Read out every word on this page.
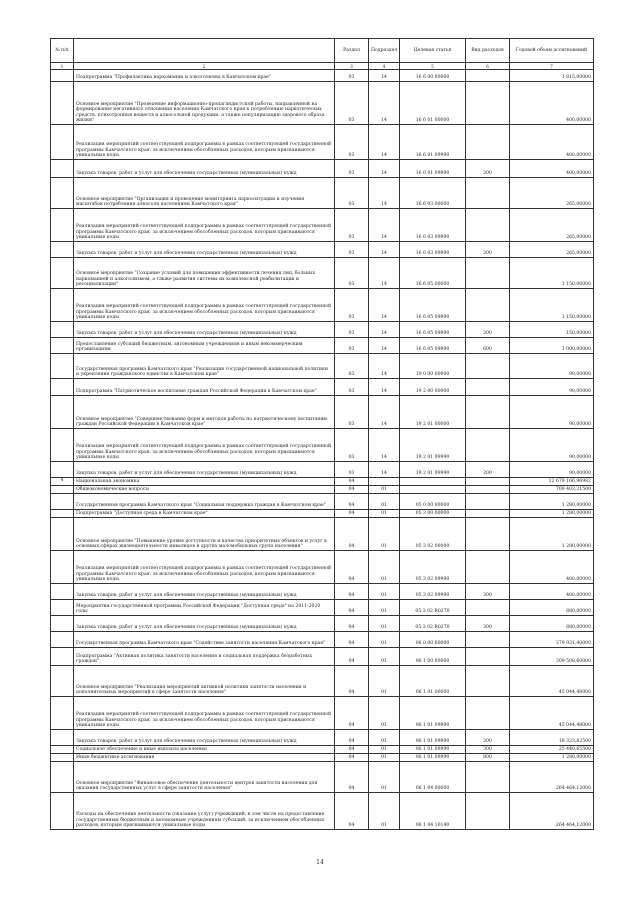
№ п/п		Раздел	Подраздел	Целевая статья	Вид расходов	Годовой объем ассигнований
1	2	3	4	5	6	7
	Подпрограмма "Профилактика наркомании и алкоголизма в Камчатском крае"	03	14	16 6 00 00000		1 815,00000
	Основное мероприятие "Проведение информационно-пропагандистской работы, направленной на формирование негативного отношения населения Камчатского края к потреблению наркотических средств, психотропных веществ и алкогольной продукции, а также популяризацию здорового образа жизни"	03	14	16 6 01 00000		400,00000
	Реализация мероприятий соответствующей подпрограммы в рамках соответствующей государственной программы Камчатского края, за исключением обособленных расходов, которым присваиваются уникальные коды	03	14	16 6 01 09990		400,00000
	Закупка товаров, работ и услуг для обеспечения государственных (муниципальных) нужд	03	14	16 6 01 09990	200	400,00000
	Основное мероприятие "Организация и проведение мониторинга наркоситуации и изучения масштабов потребления алкоголя населением Камчатского края"	03	14	16 6 03 00000		265,00000
	Реализация мероприятий соответствующей подпрограммы в рамках соответствующей государственной программы Камчатского края, за исключением обособленных расходов, которым присваиваются уникальные коды	03	14	16 6 03 09990		265,00000
	Закупка товаров, работ и услуг для обеспечения государственных (муниципальных) нужд	03	14	16 6 03 09990	200	265,00000
	Основное мероприятие "Создание условий для повышения эффективности лечения лиц, больных наркоманией и алкоголизмом, а также развития системы их комплексной реабилитации и ресоциализации"	03	14	16 6 05 00000		1 150,00000
	Реализация мероприятий соответствующей подпрограммы в рамках соответствующей государственной программы Камчатского края, за исключением обособленных расходов, которым присваиваются уникальные коды	03	14	16 6 05 09990		1 150,00000
	Закупка товаров, работ и услуг для обеспечения государственных (муниципальных) нужд	03	14	16 6 05 09990	200	150,00000
	Предоставление субсидий бюджетным, автономным учреждениям и иным некоммерческим организациям	03	14	16 6 05 09990	600	1 000,00000
	Государственная программа Камчатского края "Реализация государственной национальной политики и укрепление гражданского единства в Камчатском крае"	03	14	19 0 00 00000		90,00000
	Подпрограмма "Патриотическое воспитание граждан Российской Федерации в Камчатском крае"	03	14	19 2 00 00000		90,00000
	Основное мероприятие "Совершенствование форм и методов работы по патриотическому воспитанию граждан Российской Федерации в Камчатском крае"	03	14	19 2 01 00000		90,00000
	Реализация мероприятий соответствующей подпрограммы в рамках соответствующей государственной программы Камчатского края, за исключением обособленных расходов, которым присваиваются уникальные коды	03	14	19 2 01 09990		90,00000
	Закупка товаров, работ и услуг для обеспечения государственных (муниципальных) нужд	03	14	19 2 01 09990	200	90,00000
4	Национальная экономика	04				12 679 166,96982
	Общеэкономические вопросы	04	01			709 403,21500
	Государственная программа Камчатского края "Социальная поддержка граждан в Камчатском крае"	04	01	05 0 00 00000		1 280,00000
	Подпрограмма "Доступная среда в Камчатском крае"	04	01	05 3 00 00000		1 280,00000
	Основное мероприятие "Повышение уровня доступности и качества приоритетных объектов и услуг в основных сферах жизнедеятельности инвалидов и других маломобильных групп населения"	04	01	05 3 02 00000		1 280,00000
	Реализация мероприятий соответствующей подпрограммы в рамках соответствующей государственной программы Камчатского края, за исключением обособленных расходов, которым присваиваются уникальные коды	04	01	05 3 02 09990		400,00000
	Закупка товаров, работ и услуг для обеспечения государственных (муниципальных) нужд	04	01	05 3 02 09990	200	400,00000
	Мероприятия государственной программы Российской Федерации "Доступная среда" на 2011-2020 годы	04	01	05 3 02 R0270		880,00000
	Закупка товаров, работ и услуг для обеспечения государственных (муниципальных) нужд	04	01	05 3 02 R0270	200	880,00000
	Государственная программа Камчатского края "Содействие занятости населения Камчатского края"	04	01	06 0 00 00000		379 931,40000
	Подпрограмма "Активная политика занятости населения и социальная поддержка безработных граждан"	04	01	06 1 00 00000		309 508,60000
	Основное мероприятие "Реализация мероприятий активной политики занятости населения и дополнительных мероприятий в сфере занятости населения"	04	01	06 1 01 00000		45 044,48000
	Реализация мероприятий соответствующей подпрограммы в рамках соответствующей государственной программы Камчатского края, за исключением обособленных расходов, которым присваиваются уникальные коды	04	01	06 1 01 09990		45 044,48000
	Закупка товаров, работ и услуг для обеспечения государственных (муниципальных) нужд	04	01	06 1 01 09990	200	18 323,82500
	Социальное обеспечение и иные выплаты населению	04	01	06 1 01 09990	300	25 440,65500
	Иные бюджетные ассигнования	04	01	06 1 01 09990	800	1 280,00000
	Основное мероприятие "Финансовое обеспечение деятельности центров занятости населения для оказания государственных услуг в сфере занятости населения"	04	01	06 1 04 00000		264 464,12000
	Расходы на обеспечение деятельности (оказание услуг) учреждений, в том числе на предоставление государственным бюджетным и автономным учреждениям субсидий, за исключением обособленных расходов, которым присваиваются уникальные коды	04	01	06 1 04 10140		264 464,12000
14
